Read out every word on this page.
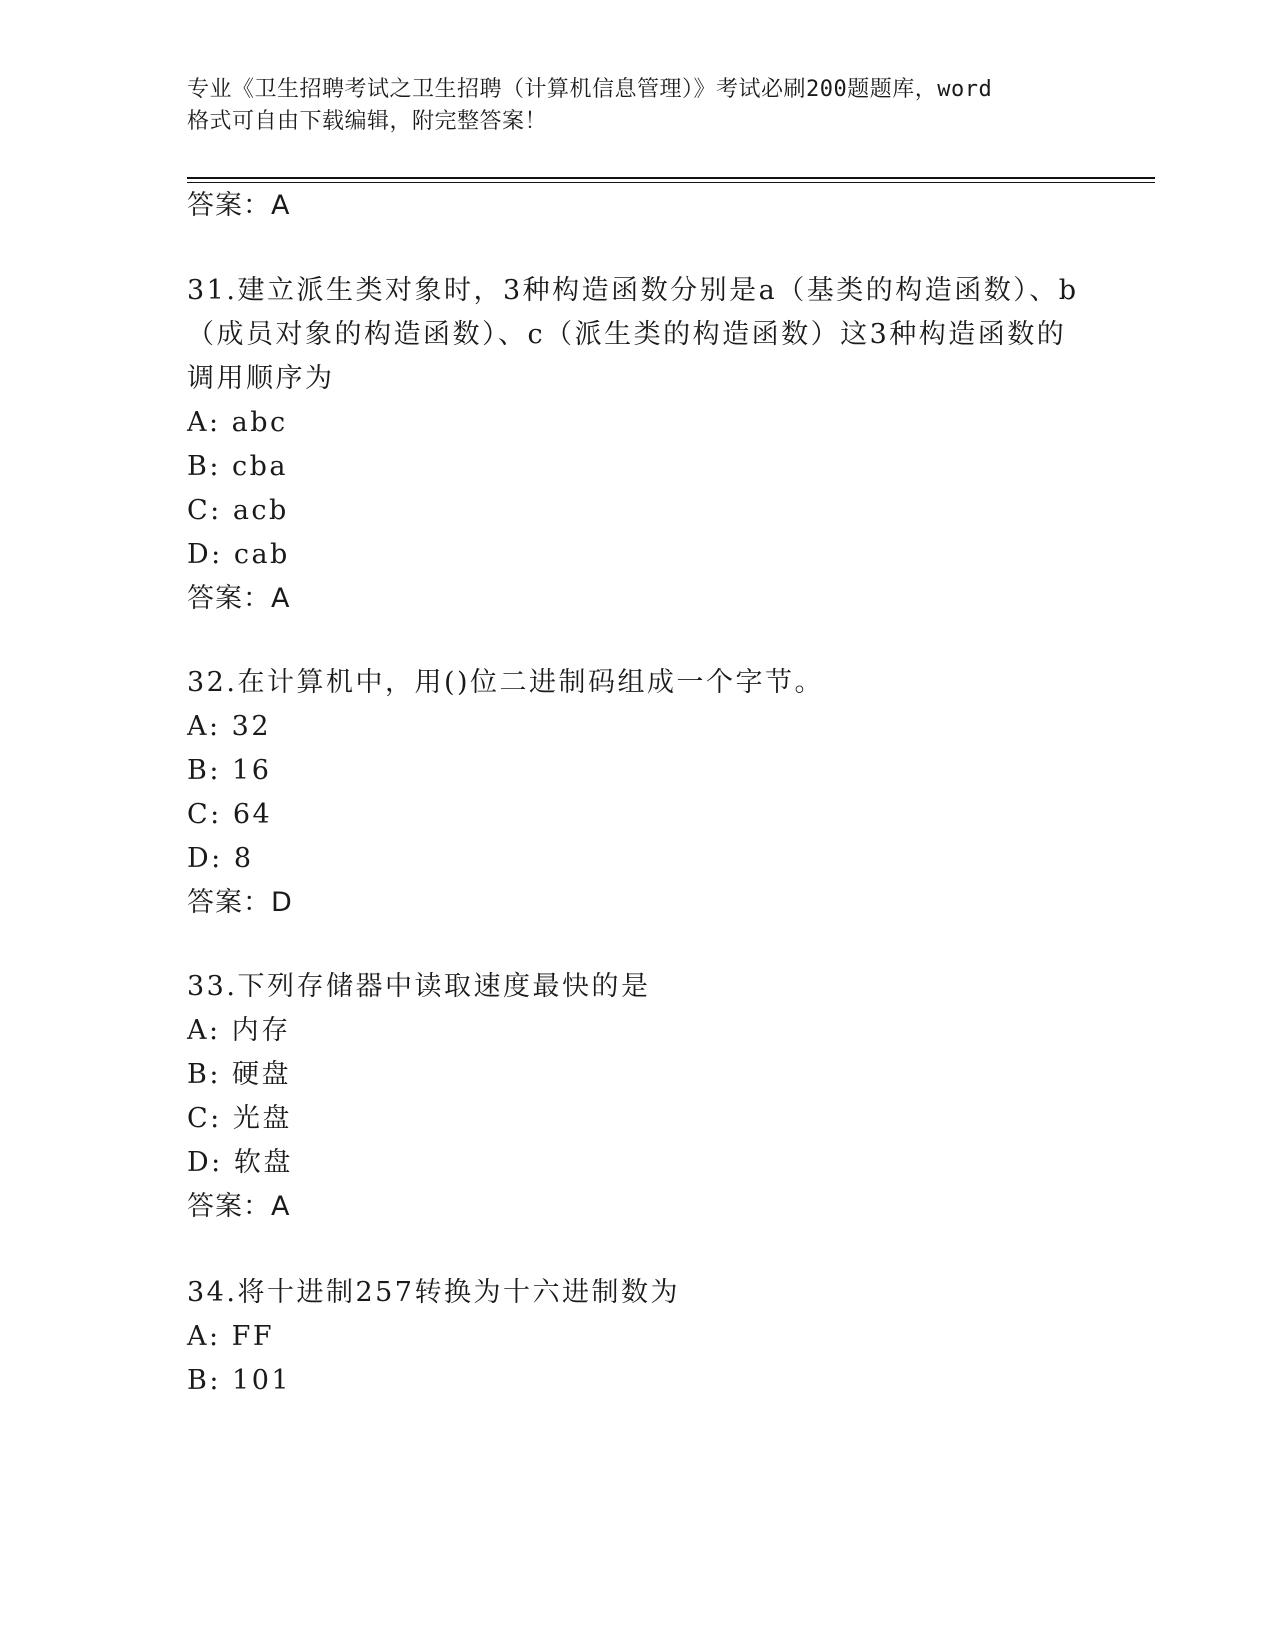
专业《卫生招聘考试之卫生招聘（计算机信息管理）》考试必刷200题题库，word
格式可自由下载编辑，附完整答案！
答案：A
31.建立派生类对象时，3种构造函数分别是a（基类的构造函数）、b
（成员对象的构造函数）、c（派生类的构造函数）这3种构造函数的
调用顺序为
A: abc
B: cba
C: acb
D: cab
答案：A
32.在计算机中，用()位二进制码组成一个字节。
A: 32
B: 16
C: 64
D: 8
答案：D
33.下列存储器中读取速度最快的是
A: 内存
B: 硬盘
C: 光盘
D: 软盘
答案：A
34.将十进制257转换为十六进制数为
A: FF
B: 101
